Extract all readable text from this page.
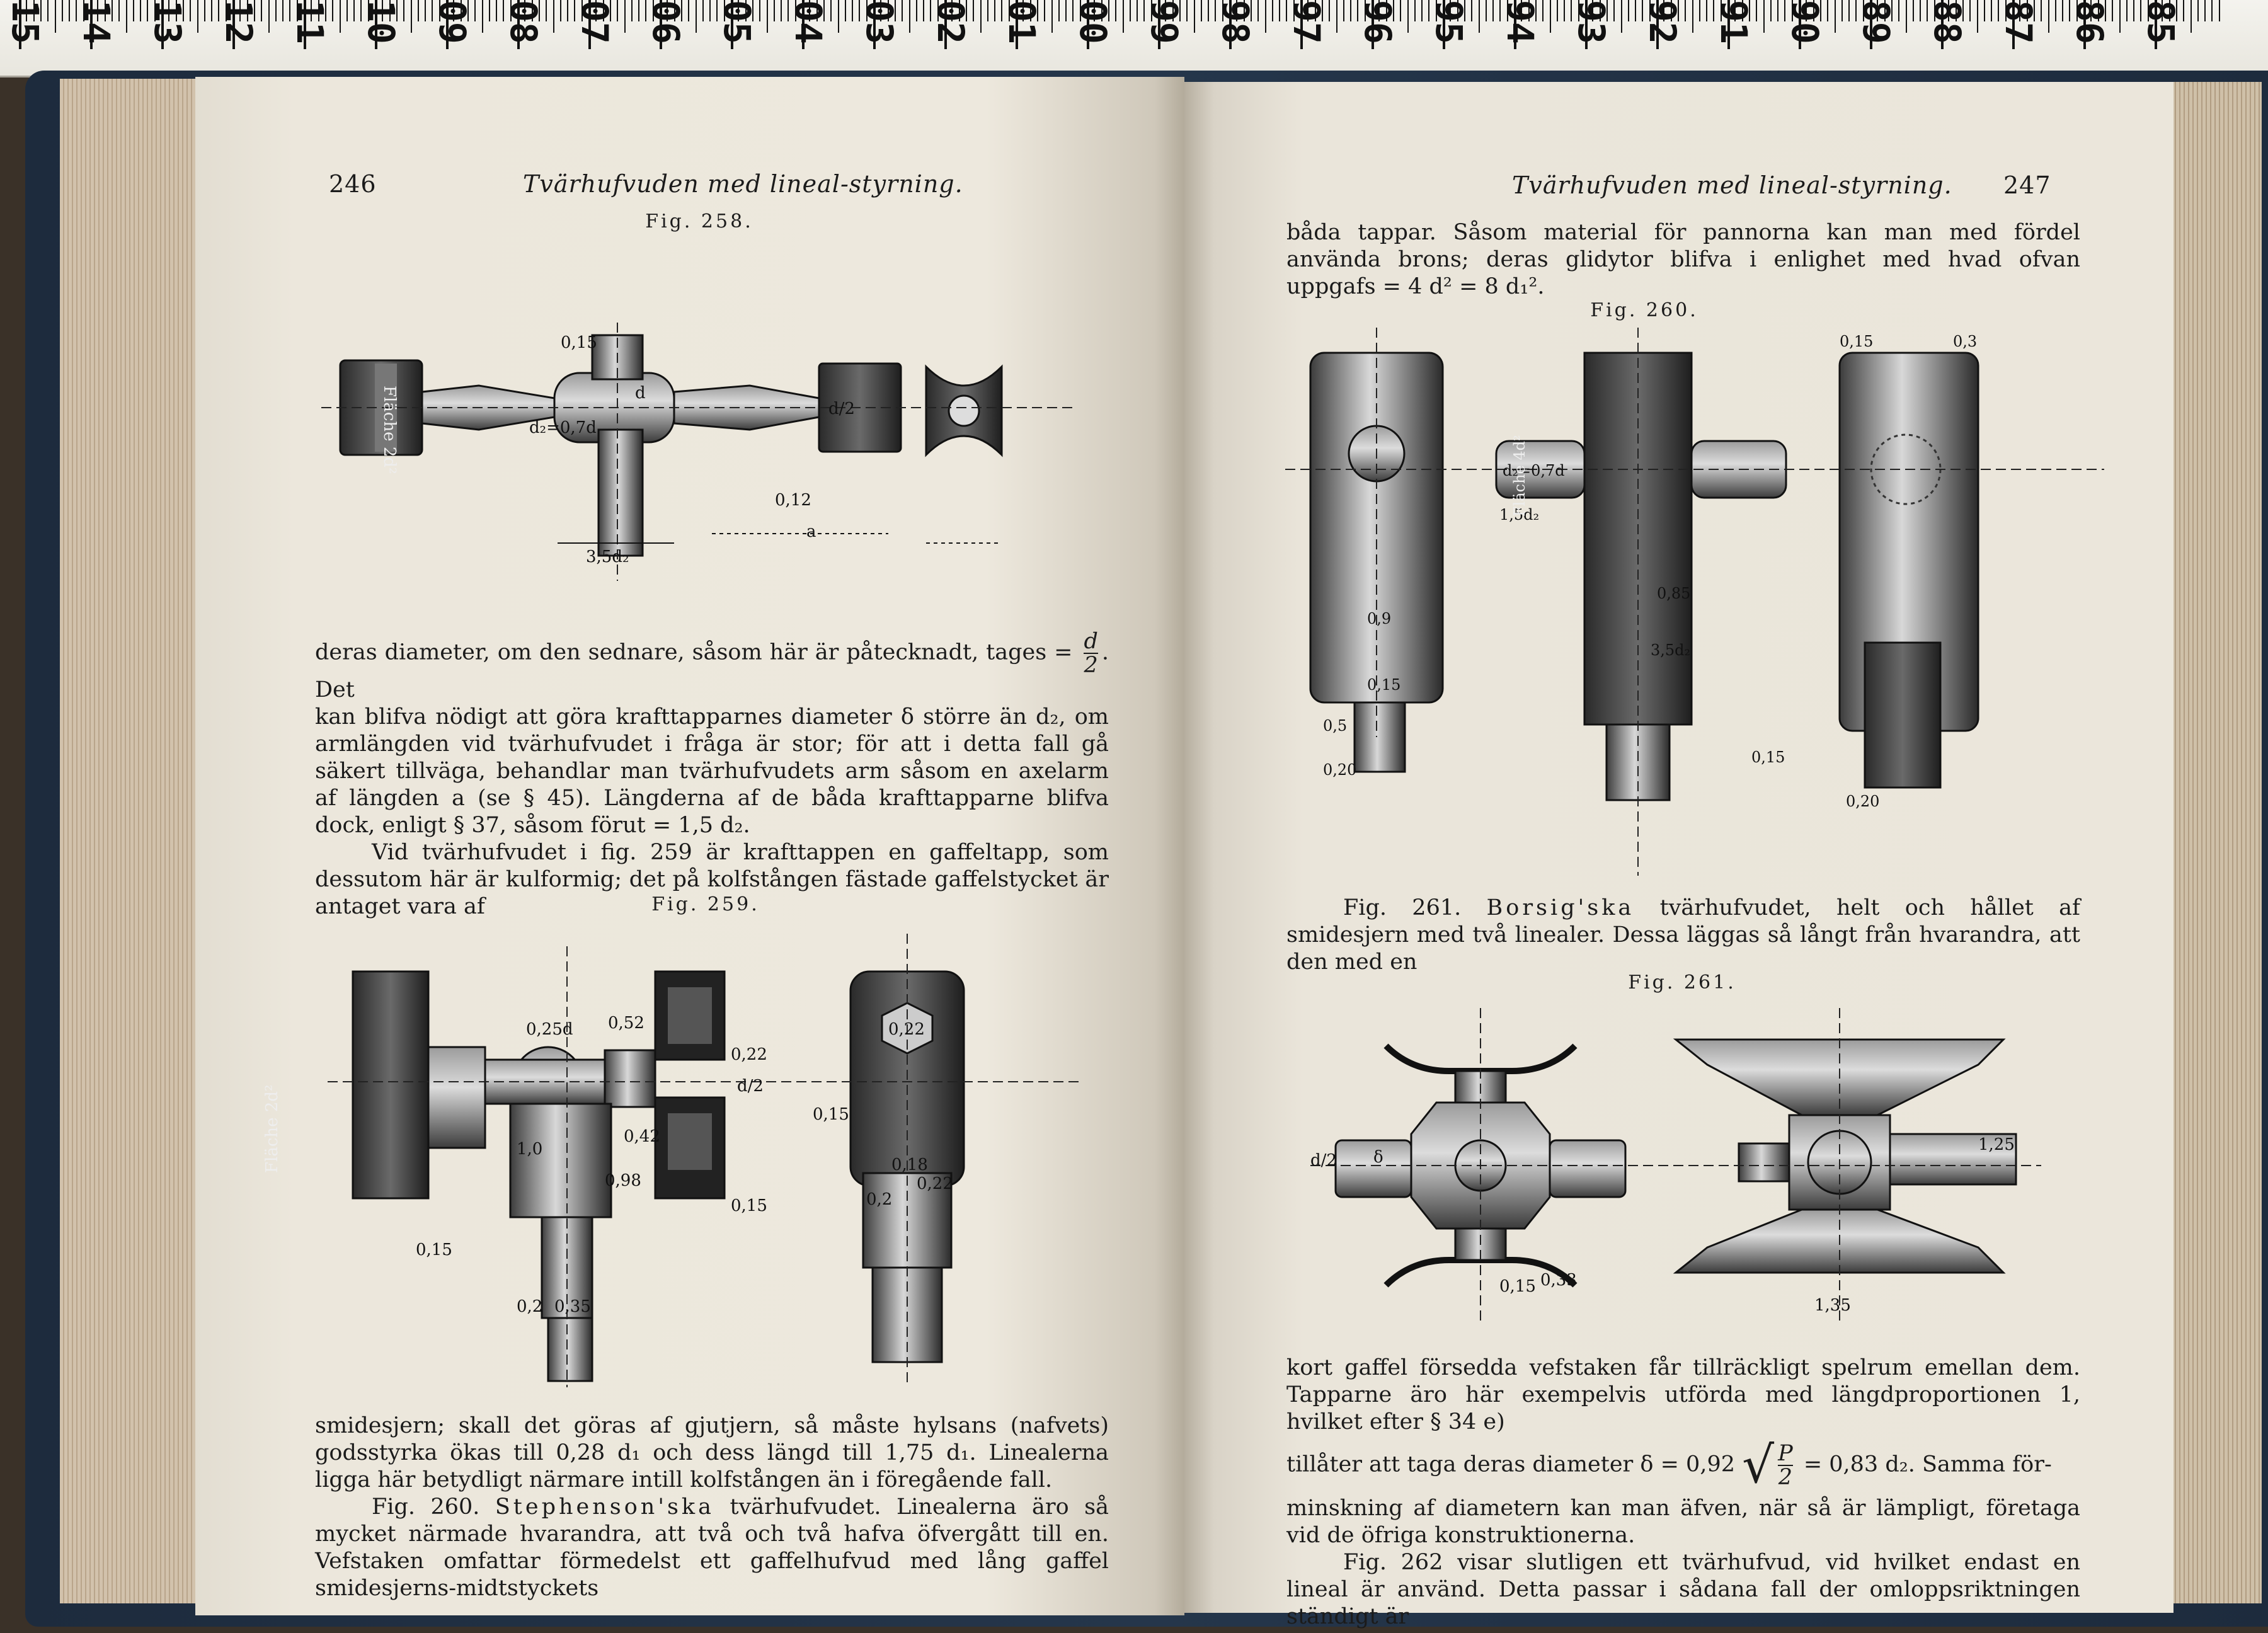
15 14 13 12 11 10 09 08 07 06 05 04 03 02 01 00 99 98 97 96 95 94 93 92 91 90 89 88 87 86 85
246	Tvärhufvuden med lineal-styrning.
Fig. 258.
0,15
d₂=0,7d
d
d/2
0,12
a
3,5d₂
Fläche 2d²

deras diameter, om den sednare, såsom här är påtecknadt, tages = $\frac{d}{2}$ . Det

kan blifva nödigt att göra krafttapparnes diameter δ större än d₂, om armlängden vid tvärhufvudet i fråga är stor; för att i detta fall gå säkert tillväga, behandlar man tvärhufvudets arm såsom en axelarm af längden a (se § 45). Längderna af de båda krafttapparne blifva dock, enligt § 37, såsom förut = 1,5 d₂.

Vid tvärhufvudet i fig. 259 är krafttappen en gaffeltapp, som dessutom här är kulformig; det på kolfstången fästade gaffelstycket är antaget vara af	Fig. 259.
0,25d 0,52
0,22
d/2
1,0
0,42
0,98
0,15
0,15
0,2 0,35
0,22
0,18
0,22
0,15
0,2
Fläche 2d²

smidesjern; skall det göras af gjutjern, så måste hylsans (nafvets) godsstyrka ökas till 0,28 d₁ och dess längd till 1,75 d₁. Linealerna ligga här betydligt närmare intill kolfstången än i föregående fall.

Fig. 260. Stephenson'ska tvärhufvudet. Linealerna äro så mycket närmade hvarandra, att två och två hafva öfvergått till en. Vefstaken omfattar förmedelst ett gaffelhufvud med lång gaffel smidesjerns-midtstyckets

Tvärhufvuden med lineal-styrning. 247
båda tappar. Såsom material för pannorna kan man med fördel använda brons; deras glidytor blifva i enlighet med hvad ofvan uppgafs = 4 d² = 8 d₁².
Fig. 260.
0,15	0,3
d₂=0,7d
1,5d₂
0,85
3,5d₂
0,9
0,15
0,5
0,20
0,15
0,20
Fläche 4d²

Fig. 261. Borsig'ska tvärhufvudet, helt och hållet af smidesjern med två linealer. Dessa läggas så långt från hvarandra, att den med en

Fig. 261.
d/2 δ
0,15 0,33
1,25
1,35

kort gaffel försedda vefstaken får tillräckligt spelrum emellan dem. Tapparne äro här exempelvis utförda med längdproportionen 1, hvilket efter § 34 e)

tillåter att taga deras diameter δ = 0,92 √ $\frac{P}{2} = 0,83$ d₂. Samma för-

minskning af diametern kan man äfven, när så är lämpligt, företaga vid de öfriga konstruktionerna.

Fig. 262 visar slutligen ett tvärhufvud, vid hvilket endast en lineal är använd. Detta passar i sådana fall der omloppsriktningen ständigt är
